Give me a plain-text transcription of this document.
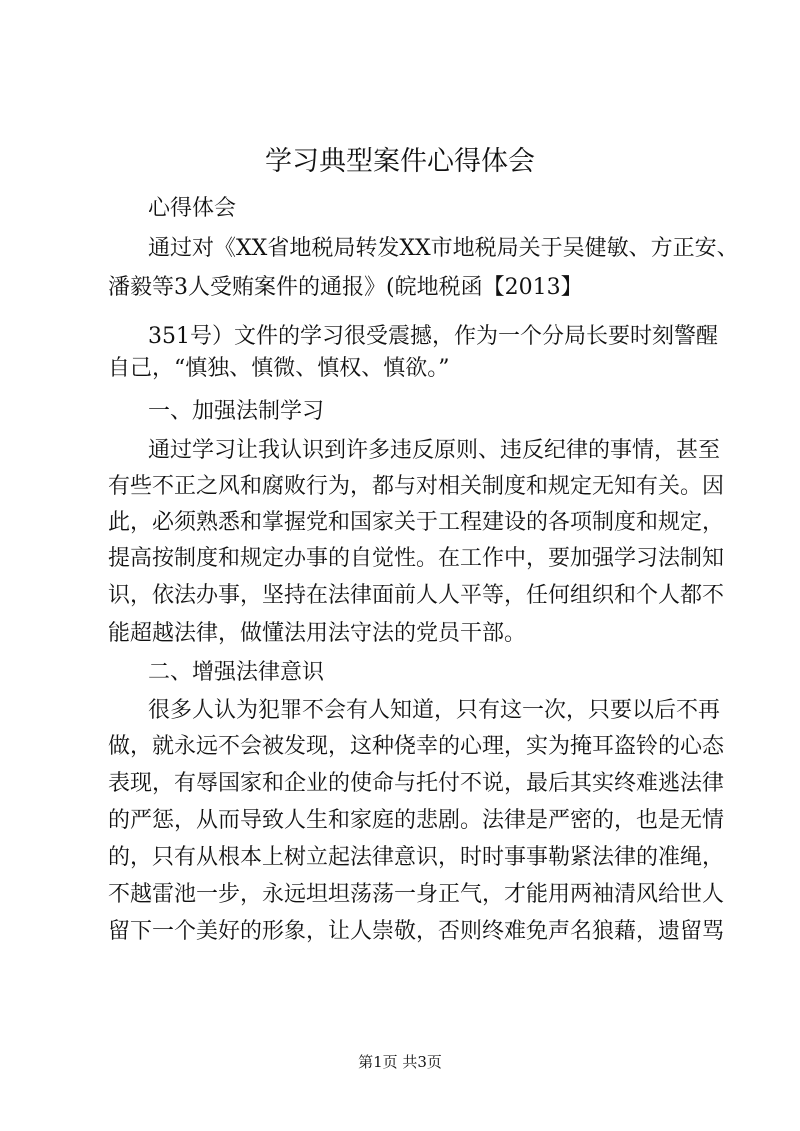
学习典型案件心得体会
心得体会
通过对《XX省地税局转发XX市地税局关于吴健敏、方正安、
潘毅等3人受贿案件的通报》(皖地税函【2013】
351号）文件的学习很受震撼，作为一个分局长要时刻警醒
自己，“慎独、慎微、慎权、慎欲。”
一、加强法制学习
通过学习让我认识到许多违反原则、违反纪律的事情，甚至
有些不正之风和腐败行为，都与对相关制度和规定无知有关。因
此，必须熟悉和掌握党和国家关于工程建设的各项制度和规定，
提高按制度和规定办事的自觉性。在工作中，要加强学习法制知
识，依法办事，坚持在法律面前人人平等，任何组织和个人都不
能超越法律，做懂法用法守法的党员干部。
二、增强法律意识
很多人认为犯罪不会有人知道，只有这一次，只要以后不再
做，就永远不会被发现，这种侥幸的心理，实为掩耳盗铃的心态
表现，有辱国家和企业的使命与托付不说，最后其实终难逃法律
的严惩，从而导致人生和家庭的悲剧。法律是严密的，也是无情
的，只有从根本上树立起法律意识，时时事事勒紧法律的准绳，
不越雷池一步，永远坦坦荡荡一身正气，才能用两袖清风给世人
留下一个美好的形象，让人崇敬，否则终难免声名狼藉，遗留骂
第1页 共3页
